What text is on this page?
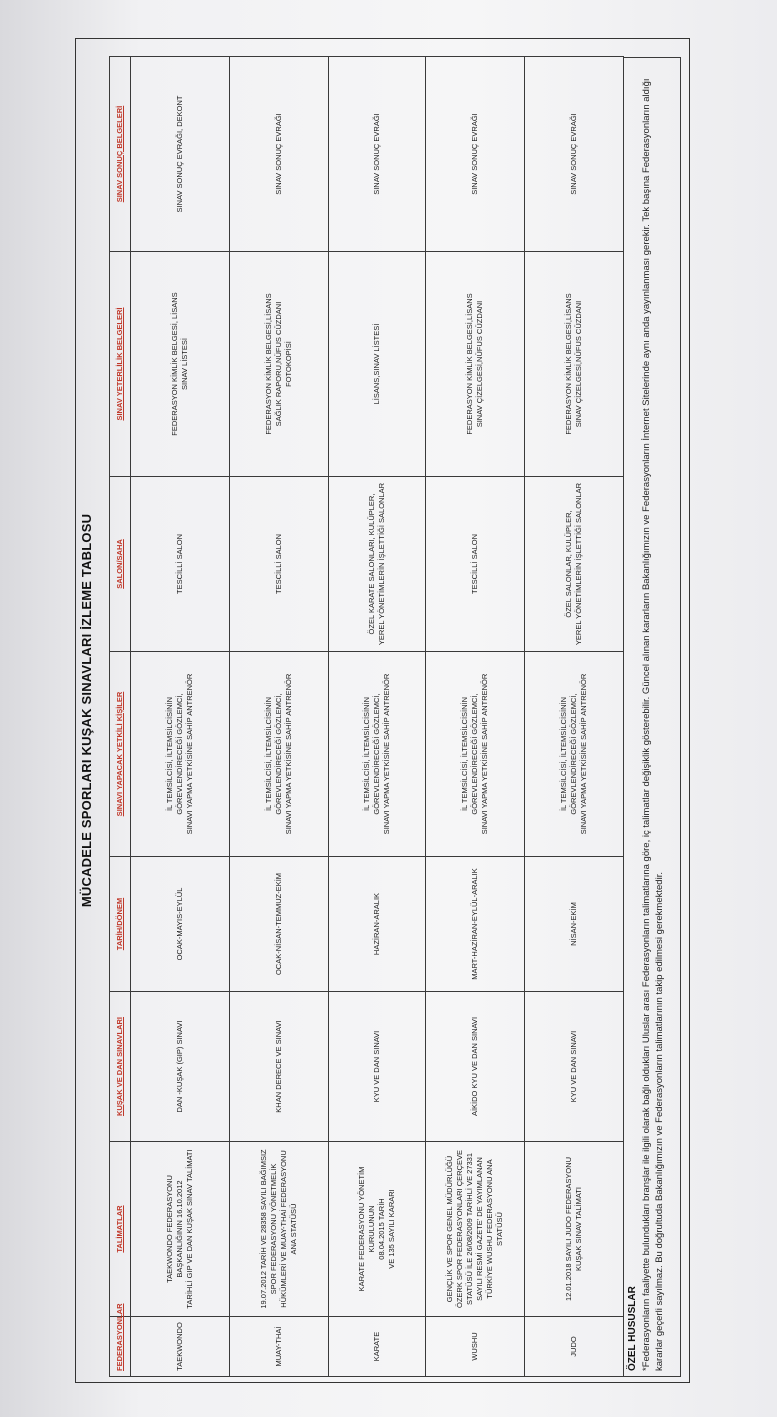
MÜCADELE SPORLARI KUŞAK SINAVLARI İZLEME TABLOSU
FEDERASYONLAR	TALİMATLAR	KUŞAK VE DAN SINAVLARI	TARİH/DÖNEM	SINAVI YAPACAK YETKİLİ KİŞİLER	SALON/SAHA	SINAV YETERLİLİK BELGELERİ	SINAV SONUÇ BELGELERİ
TAEKWONDO	TAEKWONDO FEDERASYONU BAŞKANLIĞININ 16.10.2012
TARİHLİ GIP VE DAN KUŞAK SINAV TALİMATI	DAN -KUŞAK (GIP) SINAVI	OCAK-MAYIS-EYLÜL	İL TEMSİLCİSİ, İLTEMSİLCİSİNİN GÖREVLENDİRECEĞİ GÖZLEMCİ,
SINAVI YAPMA YETKİSİNE SAHİP ANTRENÖR	TESCİLLİ SALON	FEDERASYON KİMLİK BELGESİ, LİSANS
SINAV LİSTESİ	SINAV SONUÇ EVRAĞI, DEKONT
MUAY-THAİ	19.07.2012 TARİH VE 28358 SAYILI BAĞIMSIZ SPOR FEDERASYONU YÖNETMELİK HÜKÜMLERİ VE MUAY-THAİ FEDERASYONU ANA STATÜSÜ	KHAN DERECE VE SINAVI	OCAK-NİSAN-TEMMUZ-EKİM	İL TEMSİLCİSİ, İLTEMSİLCİSİNİN GÖREVLENDİRECEĞİ GÖZLEMCİ,
SINAVI YAPMA YETKİSİNE SAHİP ANTRENÖR	TESCİLLİ SALON	FEDERASYON KİMLİK BELGESİ,LİSANS
SAĞLIK RAPORU,NÜFUS CÜZDANI
FOTOKOPİSİ	SINAV SONUÇ EVRAĞI
KARATE	KARATE FEDERASYONU YÖNETİM KURULUNUN
08.04.2015 TARİH
VE 135 SAYILI KARARI	KYU VE DAN SINAVI	HAZİRAN-ARALIK	İL TEMSİLCİSİ, İLTEMSİLCİSİNİN GÖREVLENDİRECEĞİ GÖZLEMCİ,
SINAVI YAPMA YETKİSİNE SAHİP ANTRENÖR	ÖZEL KARATE SALONLARI, KULÜPLER,
YEREL YÖNETİMLERİN İŞLETTİĞİ SALONLAR	LİSANS,SINAV LİSTESİ	SINAV SONUÇ EVRAĞI
WUSHU	GENÇLİK VE SPOR GENEL MÜDÜRLÜĞÜ ÖZERK SPOR FEDERASYONLARI ÇERÇEVE STATÜSÜ İLE 26/08/2009 TARİHLİ VE 27331 SAYILI RESMİ GAZETE' DE YAYIMLANAN TÜRKİYE WUSHU FEDERASYONU ANA STATÜSÜ	AİKİDO KYU VE DAN SINAVI	MART-HAZİRAN-EYLÜL-ARALIK	İL TEMSİLCİSİ, İLTEMSİLCİSİNİN GÖREVLENDİRECEĞİ GÖZLEMCİ,
SINAVI YAPMA YETKİSİNE SAHİP ANTRENÖR	TESCİLLİ SALON	FEDERASYON KİMLİK BELGESİ,LİSANS
SINAV ÇİZELGESİ,NÜFUS CÜZDANI	SINAV SONUÇ EVRAĞI
JUDO	12.01.2018 SAYILI JUDO FEDERASYONU
KUŞAK SINAV TALİMATI	KYU VE DAN SINAVI	NİSAN-EKİM	İL TEMSİLCİSİ, İLTEMSİLCİSİNİN GÖREVLENDİRECEĞİ GÖZLEMCİ,
SINAVI YAPMA YETKİSİNE SAHİP ANTRENÖR	ÖZEL SALONLAR, KULÜPLER,
YEREL YÖNETİMLERİN İŞLETTİĞİ SALONLAR	FEDERASYON KİMLİK BELGESİ,LİSANS
SINAV ÇİZELGESİ,NÜFUS CÜZDANI	SINAV SONUÇ EVRAĞI
ÖZEL HUSUSLAR *Federasyonların faaliyette bulundukları branşlar ile ilgili olarak bağlı oldukları Uluslar arası Federasyonların talimatlarına göre, iç talimatlar değişiklik gösterebilir. Güncel alınan kararların Bakanlığımızın ve Federasyonların İnternet Sitelerinde aynı anda yayınlanması gerekir. Tek başına Federasyonların aldığı kararlar geçerli sayılmaz. Bu doğrultuda Bakanlığımızın ve Federasyonların talimatlarının takip edilmesi gerekmektedir.
